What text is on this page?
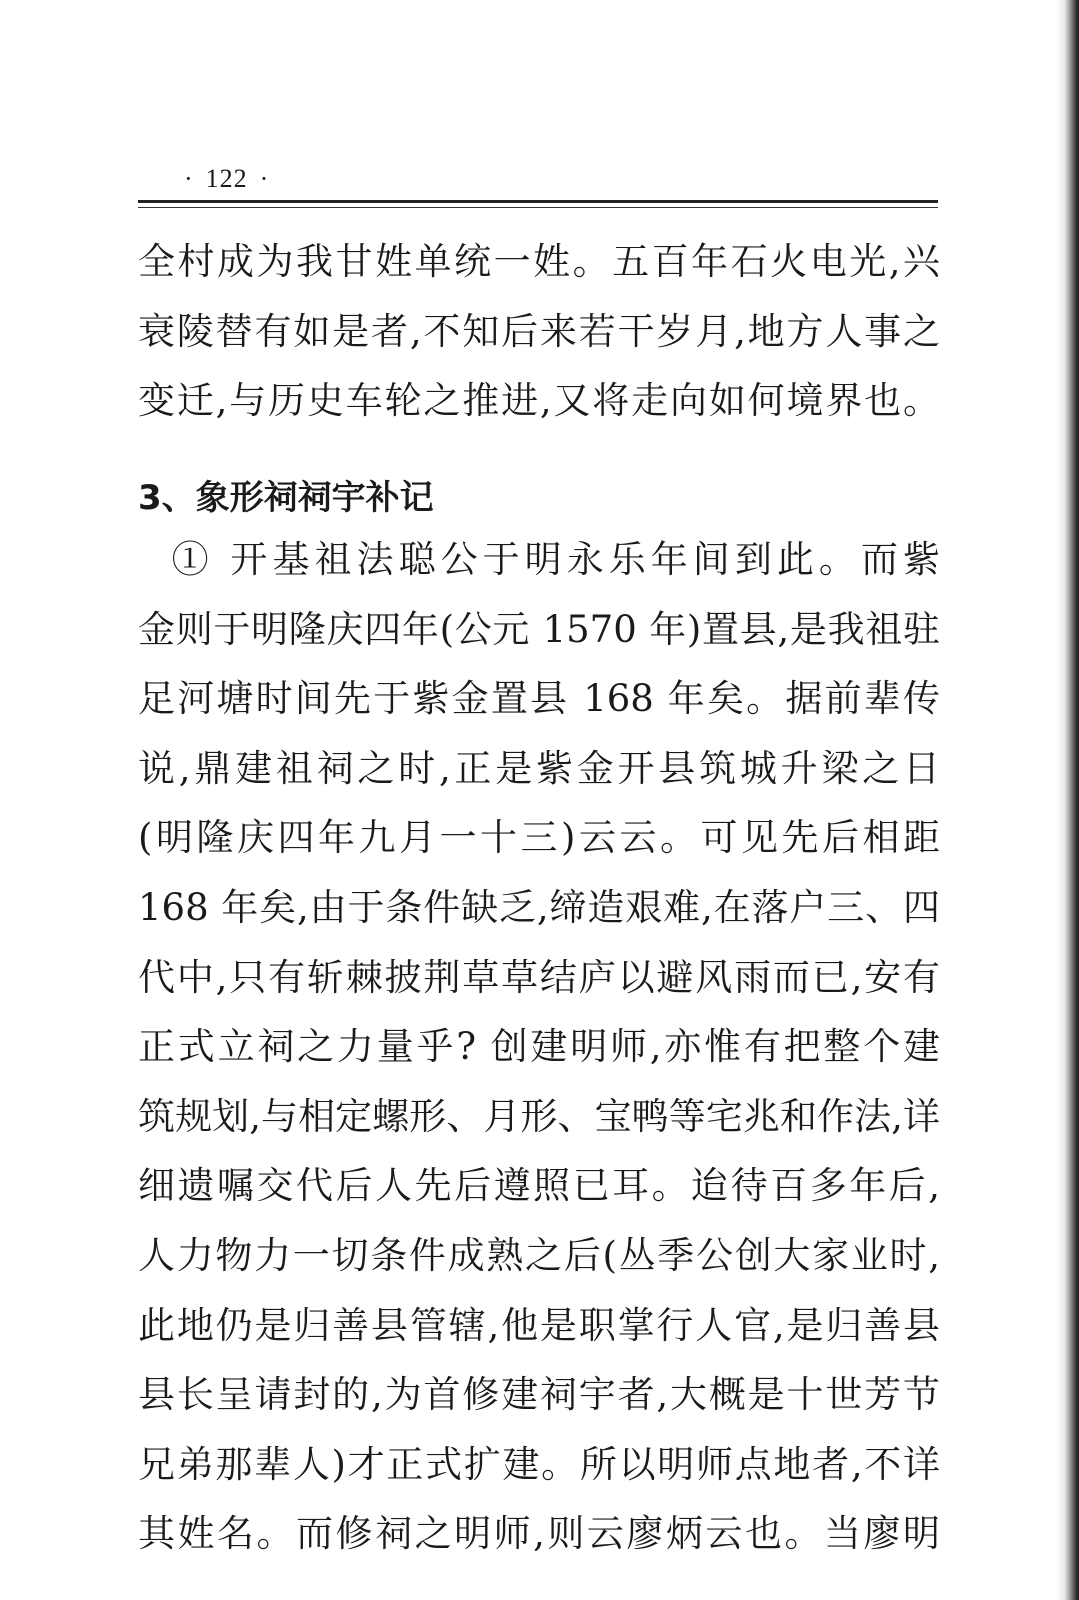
· 122 ·
全村成为我甘姓单统一姓。五百年石火电光,兴
衰陵替有如是者,不知后来若干岁月,地方人事之
变迁,与历史车轮之推进,又将走向如何境界也。
3、象形祠祠宇补记
① 开基祖法聪公于明永乐年间到此。而紫
金则于明隆庆四年(公元 1570 年)置县,是我祖驻
足河塘时间先于紫金置县 168 年矣。据前辈传
说,鼎建祖祠之时,正是紫金开县筑城升梁之日
(明隆庆四年九月一十三)云云。可见先后相距
168 年矣,由于条件缺乏,缔造艰难,在落户三、四
代中,只有斩棘披荆草草结庐以避风雨而已,安有
正式立祠之力量乎? 创建明师,亦惟有把整个建
筑规划,与相定螺形、月形、宝鸭等宅兆和作法,详
细遗嘱交代后人先后遵照已耳。迨待百多年后,
人力物力一切条件成熟之后(丛季公创大家业时,
此地仍是归善县管辖,他是职掌行人官,是归善县
县长呈请封的,为首修建祠宇者,大概是十世芳节
兄弟那辈人)才正式扩建。所以明师点地者,不详
其姓名。而修祠之明师,则云廖炳云也。当廖明
